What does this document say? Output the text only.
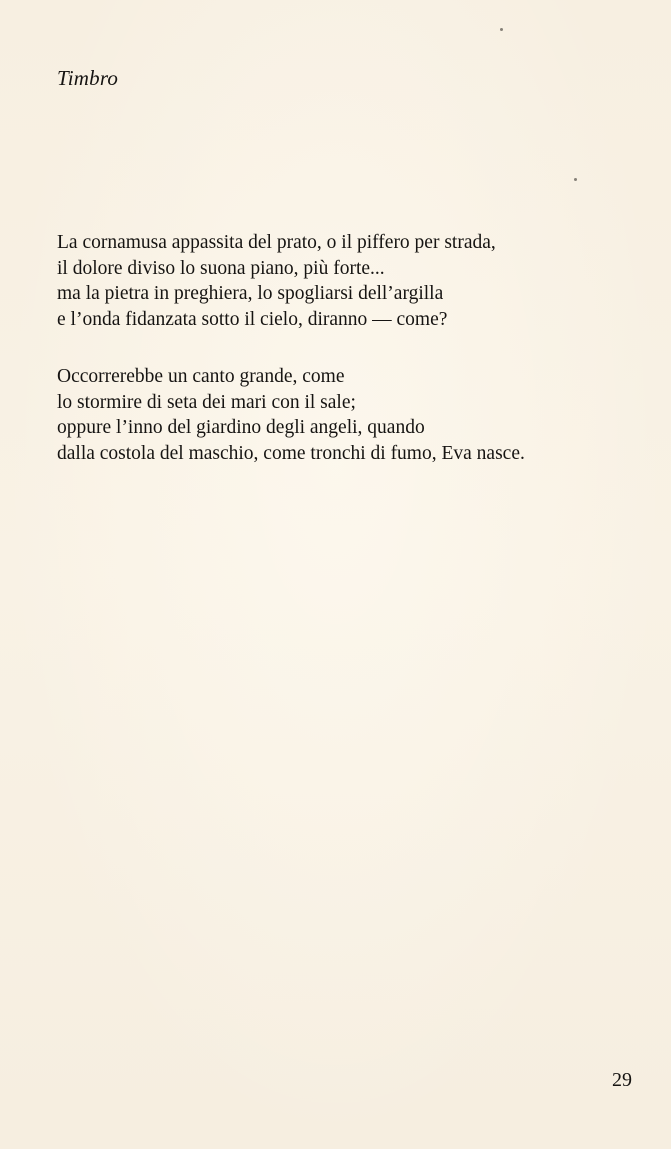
Timbro

La cornamusa appassita del prato, o il piffero per strada,
il dolore diviso lo suona piano, più forte...
ma la pietra in preghiera, lo spogliarsi dell’argilla
e l’onda fidanzata sotto il cielo, diranno — come?

Occorrerebbe un canto grande, come
lo stormire di seta dei mari con il sale;
oppure l’inno del giardino degli angeli, quando
dalla costola del maschio, come tronchi di fumo, Eva nasce.

29
